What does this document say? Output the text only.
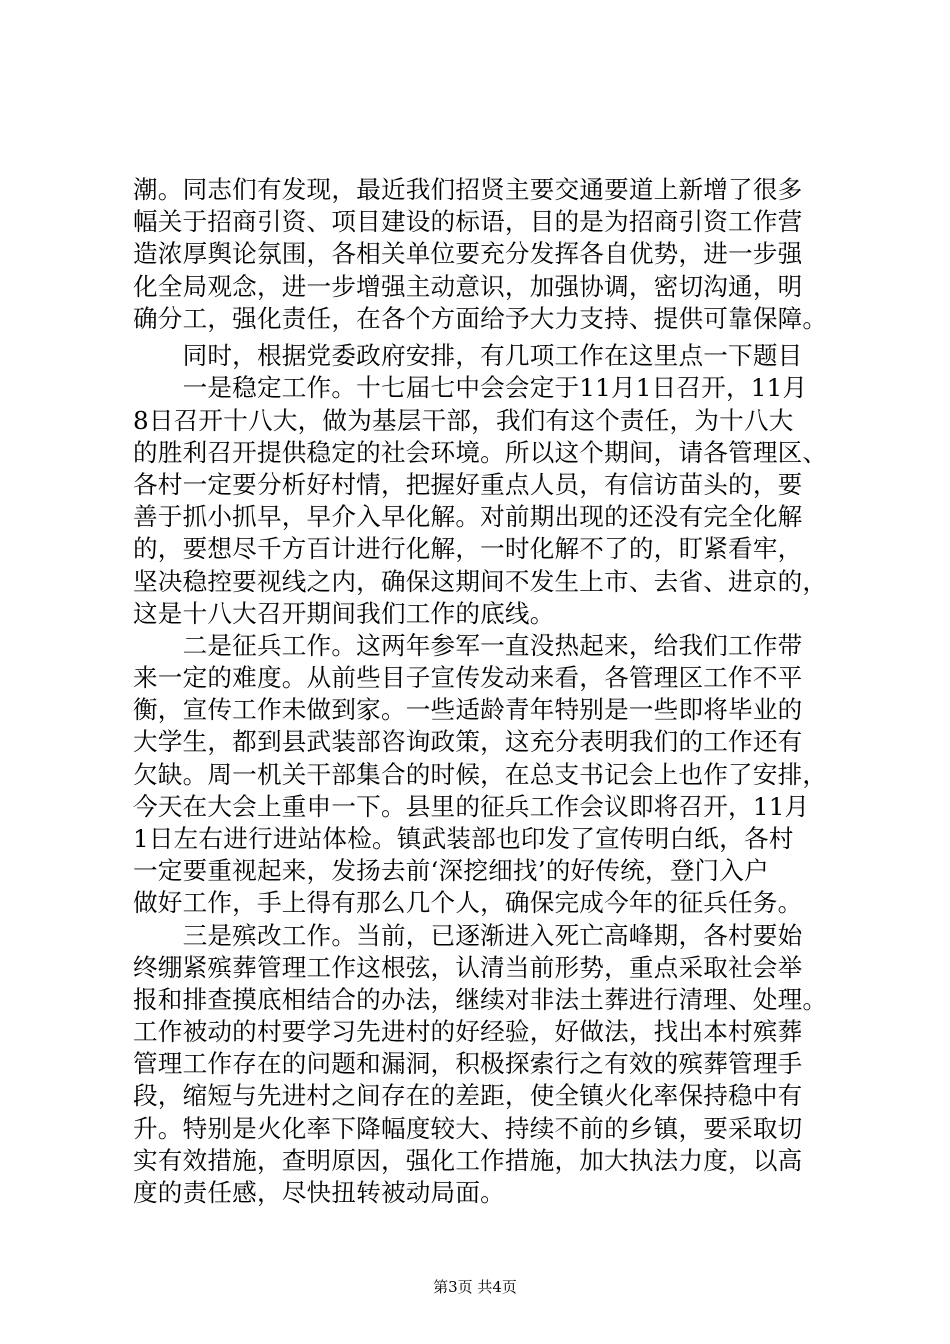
潮。同志们有发现，最近我们招贤主要交通要道上新增了很多
幅关于招商引资、项目建设的标语，目的是为招商引资工作营
造浓厚舆论氛围，各相关单位要充分发挥各自优势，进一步强
化全局观念，进一步增强主动意识，加强协调，密切沟通，明
确分工，强化责任，在各个方面给予大力支持、提供可靠保障。
　　同时，根据党委政府安排，有几项工作在这里点一下题目
　　一是稳定工作。十七届七中会会定于11月1日召开，11月
8日召开十八大，做为基层干部，我们有这个责任，为十八大
的胜利召开提供稳定的社会环境。所以这个期间，请各管理区、
各村一定要分析好村情，把握好重点人员，有信访苗头的，要
善于抓小抓早，早介入早化解。对前期出现的还没有完全化解
的，要想尽千方百计进行化解，一时化解不了的，盯紧看牢，
坚决稳控要视线之内，确保这期间不发生上市、去省、进京的，
这是十八大召开期间我们工作的底线。
　　二是征兵工作。这两年参军一直没热起来，给我们工作带
来一定的难度。从前些目子宣传发动来看，各管理区工作不平
衡，宣传工作未做到家。一些适龄青年特别是一些即将毕业的
大学生，都到县武装部咨询政策，这充分表明我们的工作还有
欠缺。周一机关干部集合的时候，在总支书记会上也作了安排，
今天在大会上重申一下。县里的征兵工作会议即将召开，11月
1日左右进行进站体检。镇武装部也印发了宣传明白纸，各村
一定要重视起来，发扬去前‘深挖细找’的好传统，登门入户
做好工作，手上得有那么几个人，确保完成今年的征兵任务。
　　三是殡改工作。当前，已逐渐进入死亡高峰期，各村要始
终绷紧殡葬管理工作这根弦，认清当前形势，重点采取社会举
报和排查摸底相结合的办法，继续对非法土葬进行清理、处理。
工作被动的村要学习先进村的好经验，好做法，找出本村殡葬
管理工作存在的问题和漏洞，积极探索行之有效的殡葬管理手
段，缩短与先进村之间存在的差距，使全镇火化率保持稳中有
升。特别是火化率下降幅度较大、持续不前的乡镇，要采取切
实有效措施，查明原因，强化工作措施，加大执法力度，以高
度的责任感，尽快扭转被动局面。
第3页 共4页
